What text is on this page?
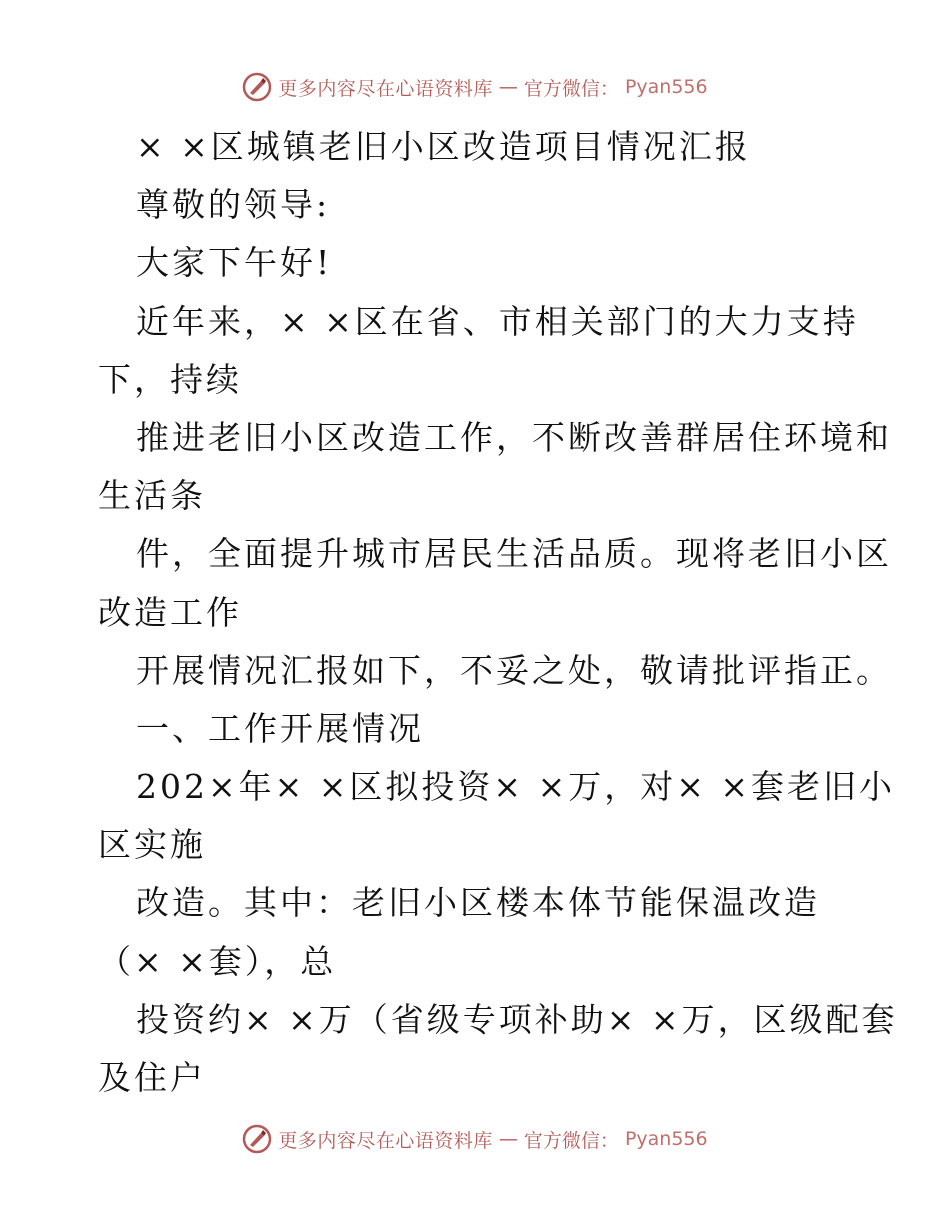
更多内容尽在心语资料库 — 官方微信： Pyan556
× ×区城镇老旧小区改造项目情况汇报
尊敬的领导:
大家下午好!
近年来，× ×区在省、市相关部门的大力支持
下，持续
推进老旧小区改造工作，不断改善群居住环境和
生活条
件，全面提升城市居民生活品质。现将老旧小区
改造工作
开展情况汇报如下，不妥之处，敬请批评指正。
一、工作开展情况
202×年× ×区拟投资× ×万，对× ×套老旧小
区实施
改造。其中：老旧小区楼本体节能保温改造
（× ×套），总
投资约× ×万（省级专项补助× ×万，区级配套
及住户
更多内容尽在心语资料库 — 官方微信： Pyan556
